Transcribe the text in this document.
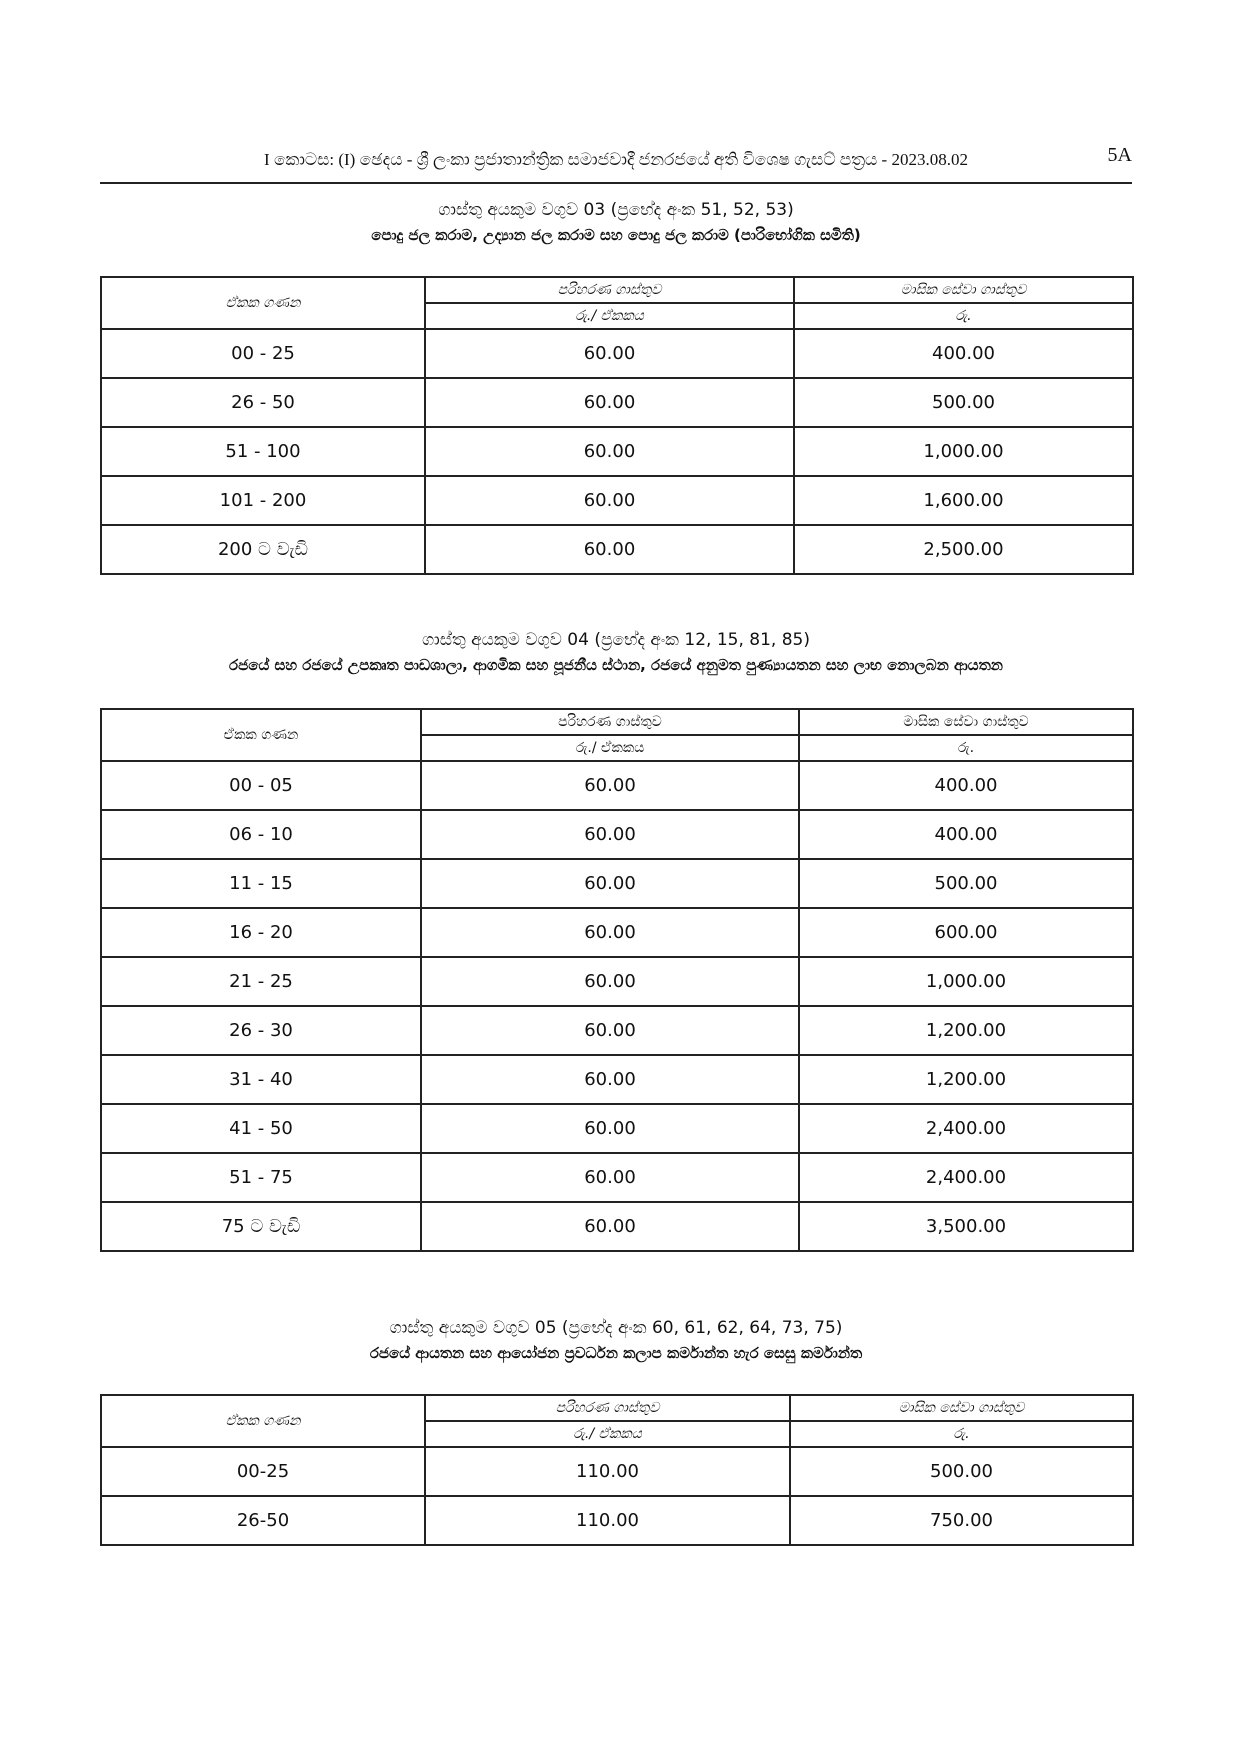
I කොටස: (I) ඡෙදය - ශ්‍රී ලංකා ප්‍රජාතාන්ත්‍රික සමාජවාදී ජනරජයේ අති විශෙෂ ගැසට් පත්‍රය - 2023.08.02	5A
ගාස්තු අයකුම වගුව 03 (ප්‍රභේද අංක 51, 52, 53)
පොදු ජල කරාම, උද්‍යාන ජල කරාම සහ පොදු ජල කරාම (පාරිභෝගික සමිති)
ඒකක ගණන	පරිහරණ ගාස්තුව	මාසික සේවා ගාස්තුව
	රු./ ඒකකය	රු.
00 - 25	60.00	400.00
26 - 50	60.00	500.00
51 - 100	60.00	1,000.00
101 - 200	60.00	1,600.00
200 ට වැඩි	60.00	2,500.00
ගාස්තු අයකුම වගුව 04 (ප්‍රභේද අංක 12, 15, 81, 85)
රජයේ සහ රජයේ උපකෘත පාඩශාලා, ආගමික සහ පූජනීය ස්ථාන, රජයේ අනුමත පුණ්‍යායතන සහ ලාභ නොලබන ආයතන
ඒකක ගණන	පරිහරණ ගාස්තුව	මාසික සේවා ගාස්තුව
	රු./ ඒකකය	රු.
00 - 05	60.00	400.00
06 - 10	60.00	400.00
11 - 15	60.00	500.00
16 - 20	60.00	600.00
21 - 25	60.00	1,000.00
26 - 30	60.00	1,200.00
31 - 40	60.00	1,200.00
41 - 50	60.00	2,400.00
51 - 75	60.00	2,400.00
75 ට වැඩි	60.00	3,500.00
ගාස්තු අයකුම වගුව 05 (ප්‍රභේද අංක 60, 61, 62, 64, 73, 75)
රජයේ ආයතන සහ ආයෝජන ප්‍රවර්ධන කලාප කර්මාන්ත හැර සෙසු කර්මාන්ත
ඒකක ගණන	පරිහරණ ගාස්තුව	මාසික සේවා ගාස්තුව
	රු./ ඒකකය	රු.
00-25	110.00	500.00
26-50	110.00	750.00
